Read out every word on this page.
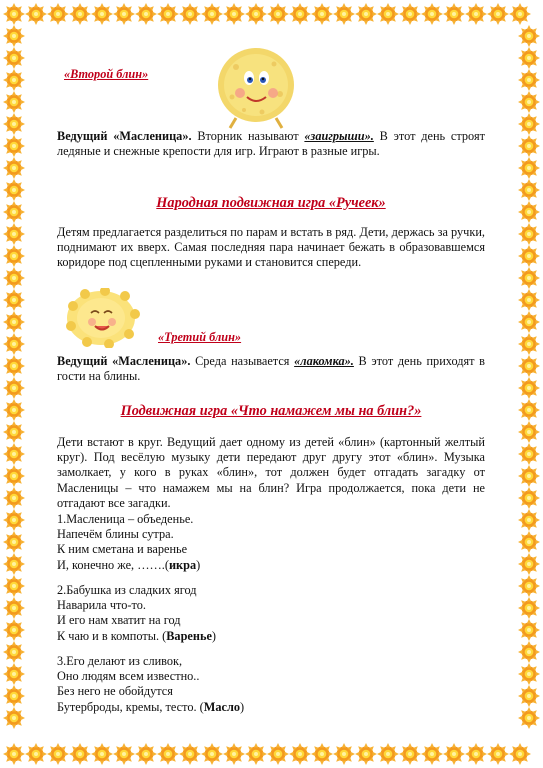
«Второй блин»

Ведущий «Масленица». Вторник называют «заигрыши». В этот день строят ледяные и снежные крепости для игр. Играют в разные игры.

Народная подвижная игра «Ручеек»

Детям предлагается разделиться по парам и встать в ряд. Дети, держась за ручки, поднимают их вверх. Самая последняя пара начинает бежать в образовавшемся коридоре под сцепленными руками и становится спереди.

«Третий блин»

Ведущий «Масленица». Среда называется «лакомка». В этот день приходят в гости на блины.

Подвижная игра «Что намажем мы на блин?»

Дети встают в круг. Ведущий дает одному из детей «блин» (картонный желтый круг). Под весёлую музыку дети передают друг другу этот «блин». Музыка замолкает, у кого в руках «блин», тот должен будет отгадать загадку от Масленицы – что намажем мы на блин? Игра продолжается, пока дети не отгадают все загадки.

1.Масленица – объеденье.
Напечём блины сутра.
К ним сметана и варенье
И, конечно же, …….(икра)
2.Бабушка из сладких ягод
Наварила что-то.
И его нам хватит на год
К чаю и в компоты. (Варенье)
3.Его делают из сливок,
Оно людям всем известно..
Без него не обойдутся
Бутерброды, кремы, тесто. (Масло)
